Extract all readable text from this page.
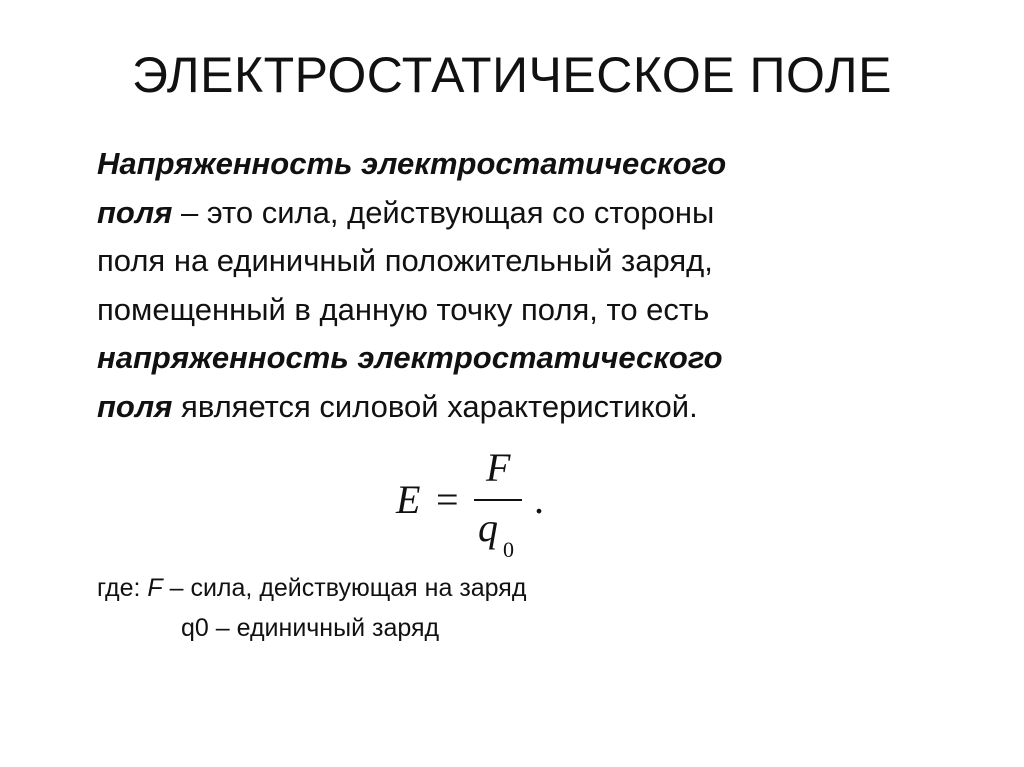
ЭЛЕКТРОСТАТИЧЕСКОЕ ПОЛЕ
Напряженность электростатического
поля – это сила, действующая со стороны
поля на единичный положительный заряд,
помещенный в данную точку поля, то есть
напряженность электростатического
поля является силовой характеристикой.
E =
F
q 0
.
где: F – сила, действующая на заряд
q0 – единичный заряд
